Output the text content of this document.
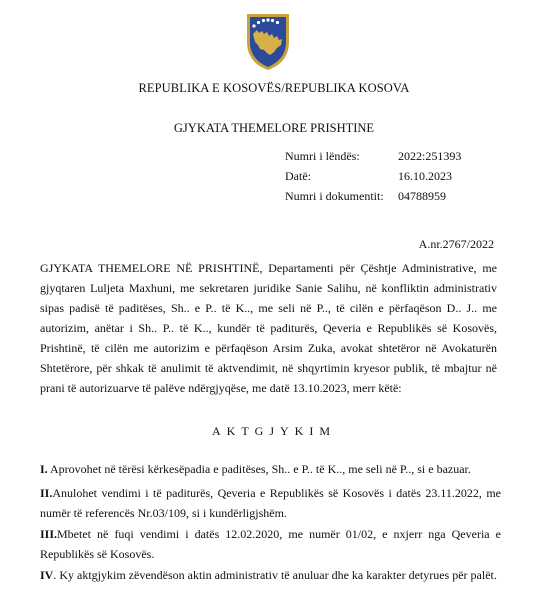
REPUBLIKA E KOSOVËS/REPUBLIKA KOSOVA
GJYKATA THEMELORE PRISHTINE
Numri i lëndës:	2022:251393
Datë:	16.10.2023
Numri i dokumentit:	04788959
A.nr.2767/2022
GJYKATA THEMELORE NË PRISHTINË, Departamenti për Çështje Administrative, me gjyqtaren Luljeta Maxhuni, me sekretaren juridike Sanie Salihu, në konfliktin administrativ sipas padisë të paditëses, Sh.. e P.. të K.., me seli në P.., të cilën e përfaqëson D.. J.. me autorizim, anëtar i Sh.. P.. të K.., kundër të paditurës, Qeveria e Republikës së Kosovës, Prishtinë, të cilën me autorizim e përfaqëson Arsim Zuka, avokat shtetëror në Avokaturën Shtetërore, për shkak të anulimit të aktvendimit, në shqyrtimin kryesor publik, të mbajtur në prani të autorizuarve të palëve ndërgjyqëse, me datë 13.10.2023, merr këtë:
AKTGJYKIM
I. Aprovohet në tërësi kërkesëpadia e paditëses, Sh.. e P.. të K.., me seli në P.., si e bazuar.
II.Anulohet vendimi i të paditurës, Qeveria e Republikës së Kosovës i datës 23.11.2022, me numër të referencës Nr.03/109, si i kundërligjshëm.
III.Mbetet në fuqi vendimi i datës 12.02.2020, me numër 01/02, e nxjerr nga Qeveria e Republikës së Kosovës.
IV. Ky aktgjykim zëvendëson aktin administrativ të anuluar dhe ka karakter detyrues për palët.
